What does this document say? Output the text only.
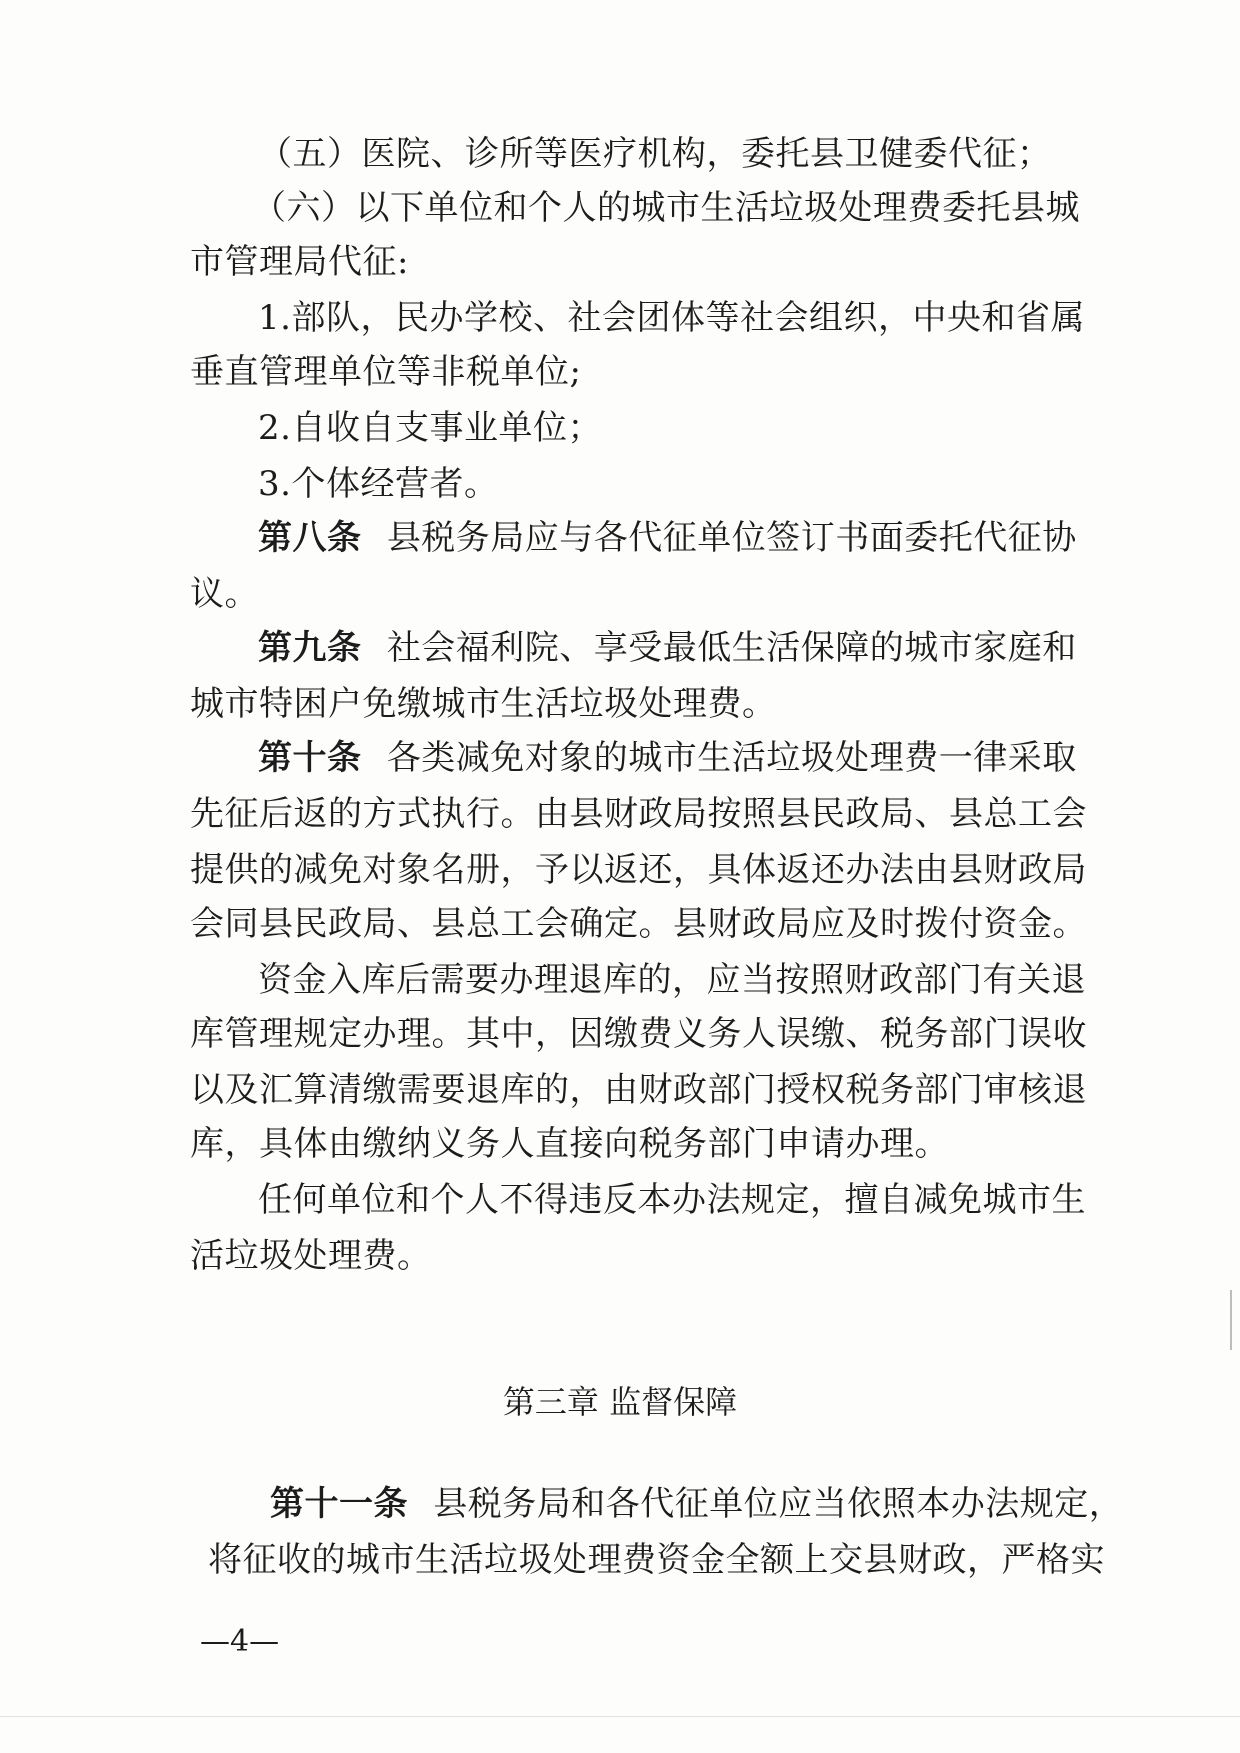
（五）医院、诊所等医疗机构，委托县卫健委代征；
（六）以下单位和个人的城市生活垃圾处理费委托县城
市管理局代征:
1.部队，民办学校、社会团体等社会组织，中央和省属
垂直管理单位等非税单位;
2.自收自支事业单位；
3.个体经营者。
第八条 县税务局应与各代征单位签订书面委托代征协
议。
第九条 社会福利院、享受最低生活保障的城市家庭和
城市特困户免缴城市生活垃圾处理费。
第十条 各类减免对象的城市生活垃圾处理费一律采取
先征后返的方式执行。由县财政局按照县民政局、县总工会
提供的减免对象名册，予以返还，具体返还办法由县财政局
会同县民政局、县总工会确定。县财政局应及时拨付资金。
资金入库后需要办理退库的，应当按照财政部门有关退
库管理规定办理。其中，因缴费义务人误缴、税务部门误收
以及汇算清缴需要退库的，由财政部门授权税务部门审核退
库，具体由缴纳义务人直接向税务部门申请办理。
任何单位和个人不得违反本办法规定，擅自减免城市生
活垃圾处理费。
第三章 监督保障
第十一条 县税务局和各代征单位应当依照本办法规定，
将征收的城市生活垃圾处理费资金全额上交县财政，严格实
—4—
